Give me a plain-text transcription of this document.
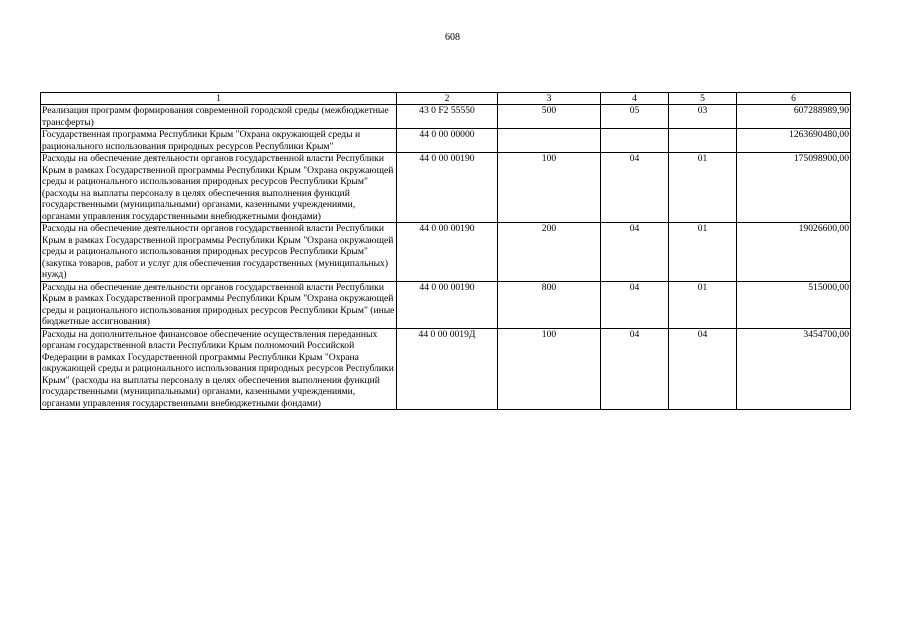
608
1	2	3	4	5	6
Реализация программ формирования современной городской среды (межбюджетные трансферты)	43 0 F2 55550	500	05	03	607288989,90
Государственная программа Республики Крым "Охрана окружающей среды и рационального использования природных ресурсов Республики Крым"	44 0 00 00000				1263690480,00
Расходы на обеспечение деятельности органов государственной власти Республики Крым в рамках Государственной программы Республики Крым "Охрана окружающей среды и рационального использования природных ресурсов Республики Крым" (расходы на выплаты персоналу в целях обеспечения выполнения функций государственными (муниципальными) органами, казенными учреждениями, органами управления государственными внебюджетными фондами)	44 0 00 00190	100	04	01	175098900,00
Расходы на обеспечение деятельности органов государственной власти Республики Крым в рамках Государственной программы Республики Крым "Охрана окружающей среды и рационального использования природных ресурсов Республики Крым" (закупка товаров, работ и услуг для обеспечения государственных (муниципальных) нужд)	44 0 00 00190	200	04	01	19026600,00
Расходы на обеспечение деятельности органов государственной власти Республики Крым в рамках Государственной программы Республики Крым "Охрана окружающей среды и рационального использования природных ресурсов Республики Крым" (иные бюджетные ассигнования)	44 0 00 00190	800	04	01	515000,00
Расходы на дополнительное финансовое обеспечение осуществления переданных органам государственной власти Республики Крым полномочий Российской Федерации в рамках Государственной программы Республики Крым "Охрана окружающей среды и рационального использования природных ресурсов Республики Крым" (расходы на выплаты персоналу в целях обеспечения выполнения функций государственными (муниципальными) органами, казенными учреждениями, органами управления государственными внебюджетными фондами)	44 0 00 0019Д	100	04	04	3454700,00
